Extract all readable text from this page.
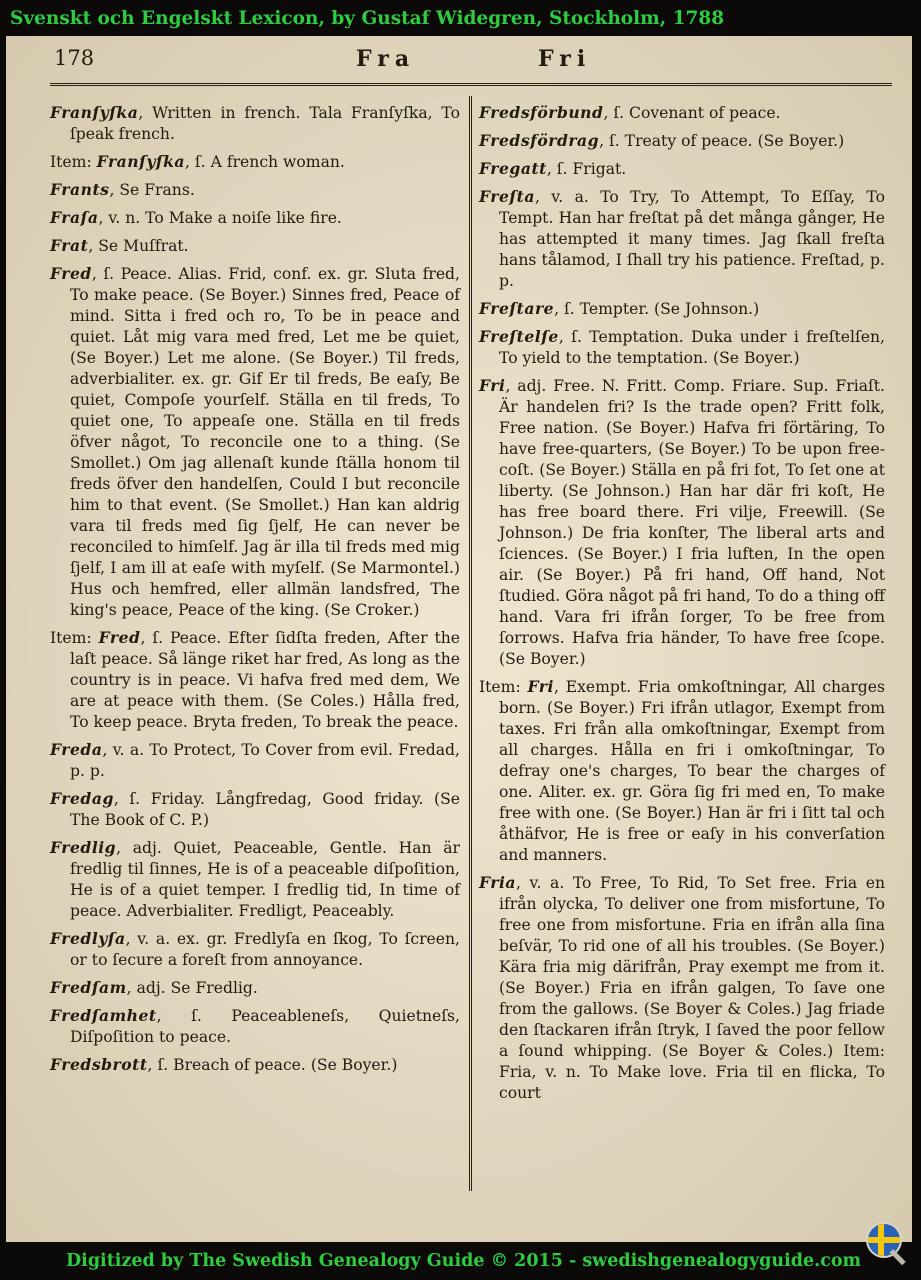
Svenskt och Engelskt Lexicon, by Gustaf Widegren, Stockholm, 1788
178	Fra	Fri

Franſyſka, Written in french. Tala Franſyſka, To ſpeak french.

Item: Franſyſka, ſ. A french woman.

Frants, Se Frans.

Fraſa, v. n. To Make a noiſe like fire.

Frat, Se Muſfrat.

Fred, ſ. Peace. Alias. Frid, conf. ex. gr. Sluta fred, To make peace. (Se Boyer.) Sinnes fred, Peace of mind. Sitta i fred och ro, To be in peace and quiet. Låt mig vara med fred, Let me be quiet, (Se Boyer.) Let me alone. (Se Boyer.) Til freds, adverbialiter. ex. gr. Gif Er til freds, Be eaſy, Be quiet, Compoſe yourſelf. Ställa en til freds, To quiet one, To appeaſe one. Ställa en til freds öfver något, To reconcile one to a thing. (Se Smollet.) Om jag allenaſt kunde ſtälla honom til freds öfver den handelſen, Could I but reconcile him to that event. (Se Smollet.) Han kan aldrig vara til freds med ſig ſjelf, He can never be reconciled to himſelf. Jag är illa til freds med mig ſjelf, I am ill at eaſe with myſelf. (Se Marmontel.) Hus och hemfred, eller allmän landsfred, The king's peace, Peace of the king. (Se Croker.)

Item: Fred, ſ. Peace. Efter ſidſta freden, After the laſt peace. Så länge riket har fred, As long as the country is in peace. Vi hafva fred med dem, We are at peace with them. (Se Coles.) Hålla fred, To keep peace. Bryta freden, To break the peace.

Freda, v. a. To Protect, To Cover from evil. Fredad, p. p.

Fredag, ſ. Friday. Långfredag, Good friday. (Se The Book of C. P.)

Fredlig, adj. Quiet, Peaceable, Gentle. Han är fredlig til ſinnes, He is of a peaceable diſpoſition, He is of a quiet temper. I fredlig tid, In time of peace. Adverbialiter. Fredligt, Peaceably.

Fredlyſa, v. a. ex. gr. Fredlyſa en ſkog, To ſcreen, or to ſecure a foreſt from annoyance.

Fredſam, adj. Se Fredlig.

Fredſamhet, ſ. Peaceableneſs, Quietneſs, Diſpoſition to peace.

Fredsbrott, ſ. Breach of peace. (Se Boyer.)

Fredsförbund, ſ. Covenant of peace.

Fredsfördrag, ſ. Treaty of peace. (Se Boyer.)

Fregatt, ſ. Frigat.

Freſta, v. a. To Try, To Attempt, To Eſſay, To Tempt. Han har freſtat på det många gånger, He has attempted it many times. Jag ſkall freſta hans tålamod, I ſhall try his patience. Freſtad, p. p.

Freſtare, ſ. Tempter. (Se Johnson.)

Freſtelſe, ſ. Temptation. Duka under i freſtelſen, To yield to the temptation. (Se Boyer.)

Fri, adj. Free. N. Fritt. Comp. Friare. Sup. Friaſt. Är handelen fri? Is the trade open? Fritt folk, Free nation. (Se Boyer.) Hafva fri förtäring, To have free-quarters, (Se Boyer.) To be upon free-coſt. (Se Boyer.) Ställa en på fri fot, To ſet one at liberty. (Se Johnson.) Han har där fri koſt, He has free board there. Fri vilje, Freewill. (Se Johnson.) De fria konſter, The liberal arts and ſciences. (Se Boyer.) I fria luften, In the open air. (Se Boyer.) På fri hand, Off hand, Not ſtudied. Göra något på fri hand, To do a thing off hand. Vara fri ifrån ſorger, To be free from ſorrows. Hafva fria händer, To have free ſcope. (Se Boyer.)

Item: Fri, Exempt. Fria omkoſtningar, All charges born. (Se Boyer.) Fri ifrån utlagor, Exempt from taxes. Fri från alla omkoſtningar, Exempt from all charges. Hålla en fri i omkoſtningar, To defray one's charges, To bear the charges of one. Aliter. ex. gr. Göra ſig fri med en, To make free with one. (Se Boyer.) Han är fri i ſitt tal och åthäfvor, He is free or eaſy in his converſation and manners.

Fria, v. a. To Free, To Rid, To Set free. Fria en ifrån olycka, To deliver one from misfortune, To free one from misfortune. Fria en ifrån alla ſina beſvär, To rid one of all his troubles. (Se Boyer.) Kära fria mig därifrån, Pray exempt me from it. (Se Boyer.) Fria en ifrån galgen, To ſave one from the gallows. (Se Boyer & Coles.) Jag friade den ſtackaren ifrån ſtryk, I ſaved the poor fellow a ſound whipping. (Se Boyer & Coles.) Item: Fria, v. n. To Make love. Fria til en flicka, To court

Digitized by The Swedish Genealogy Guide © 2015 - swedishgenealogyguide.com
